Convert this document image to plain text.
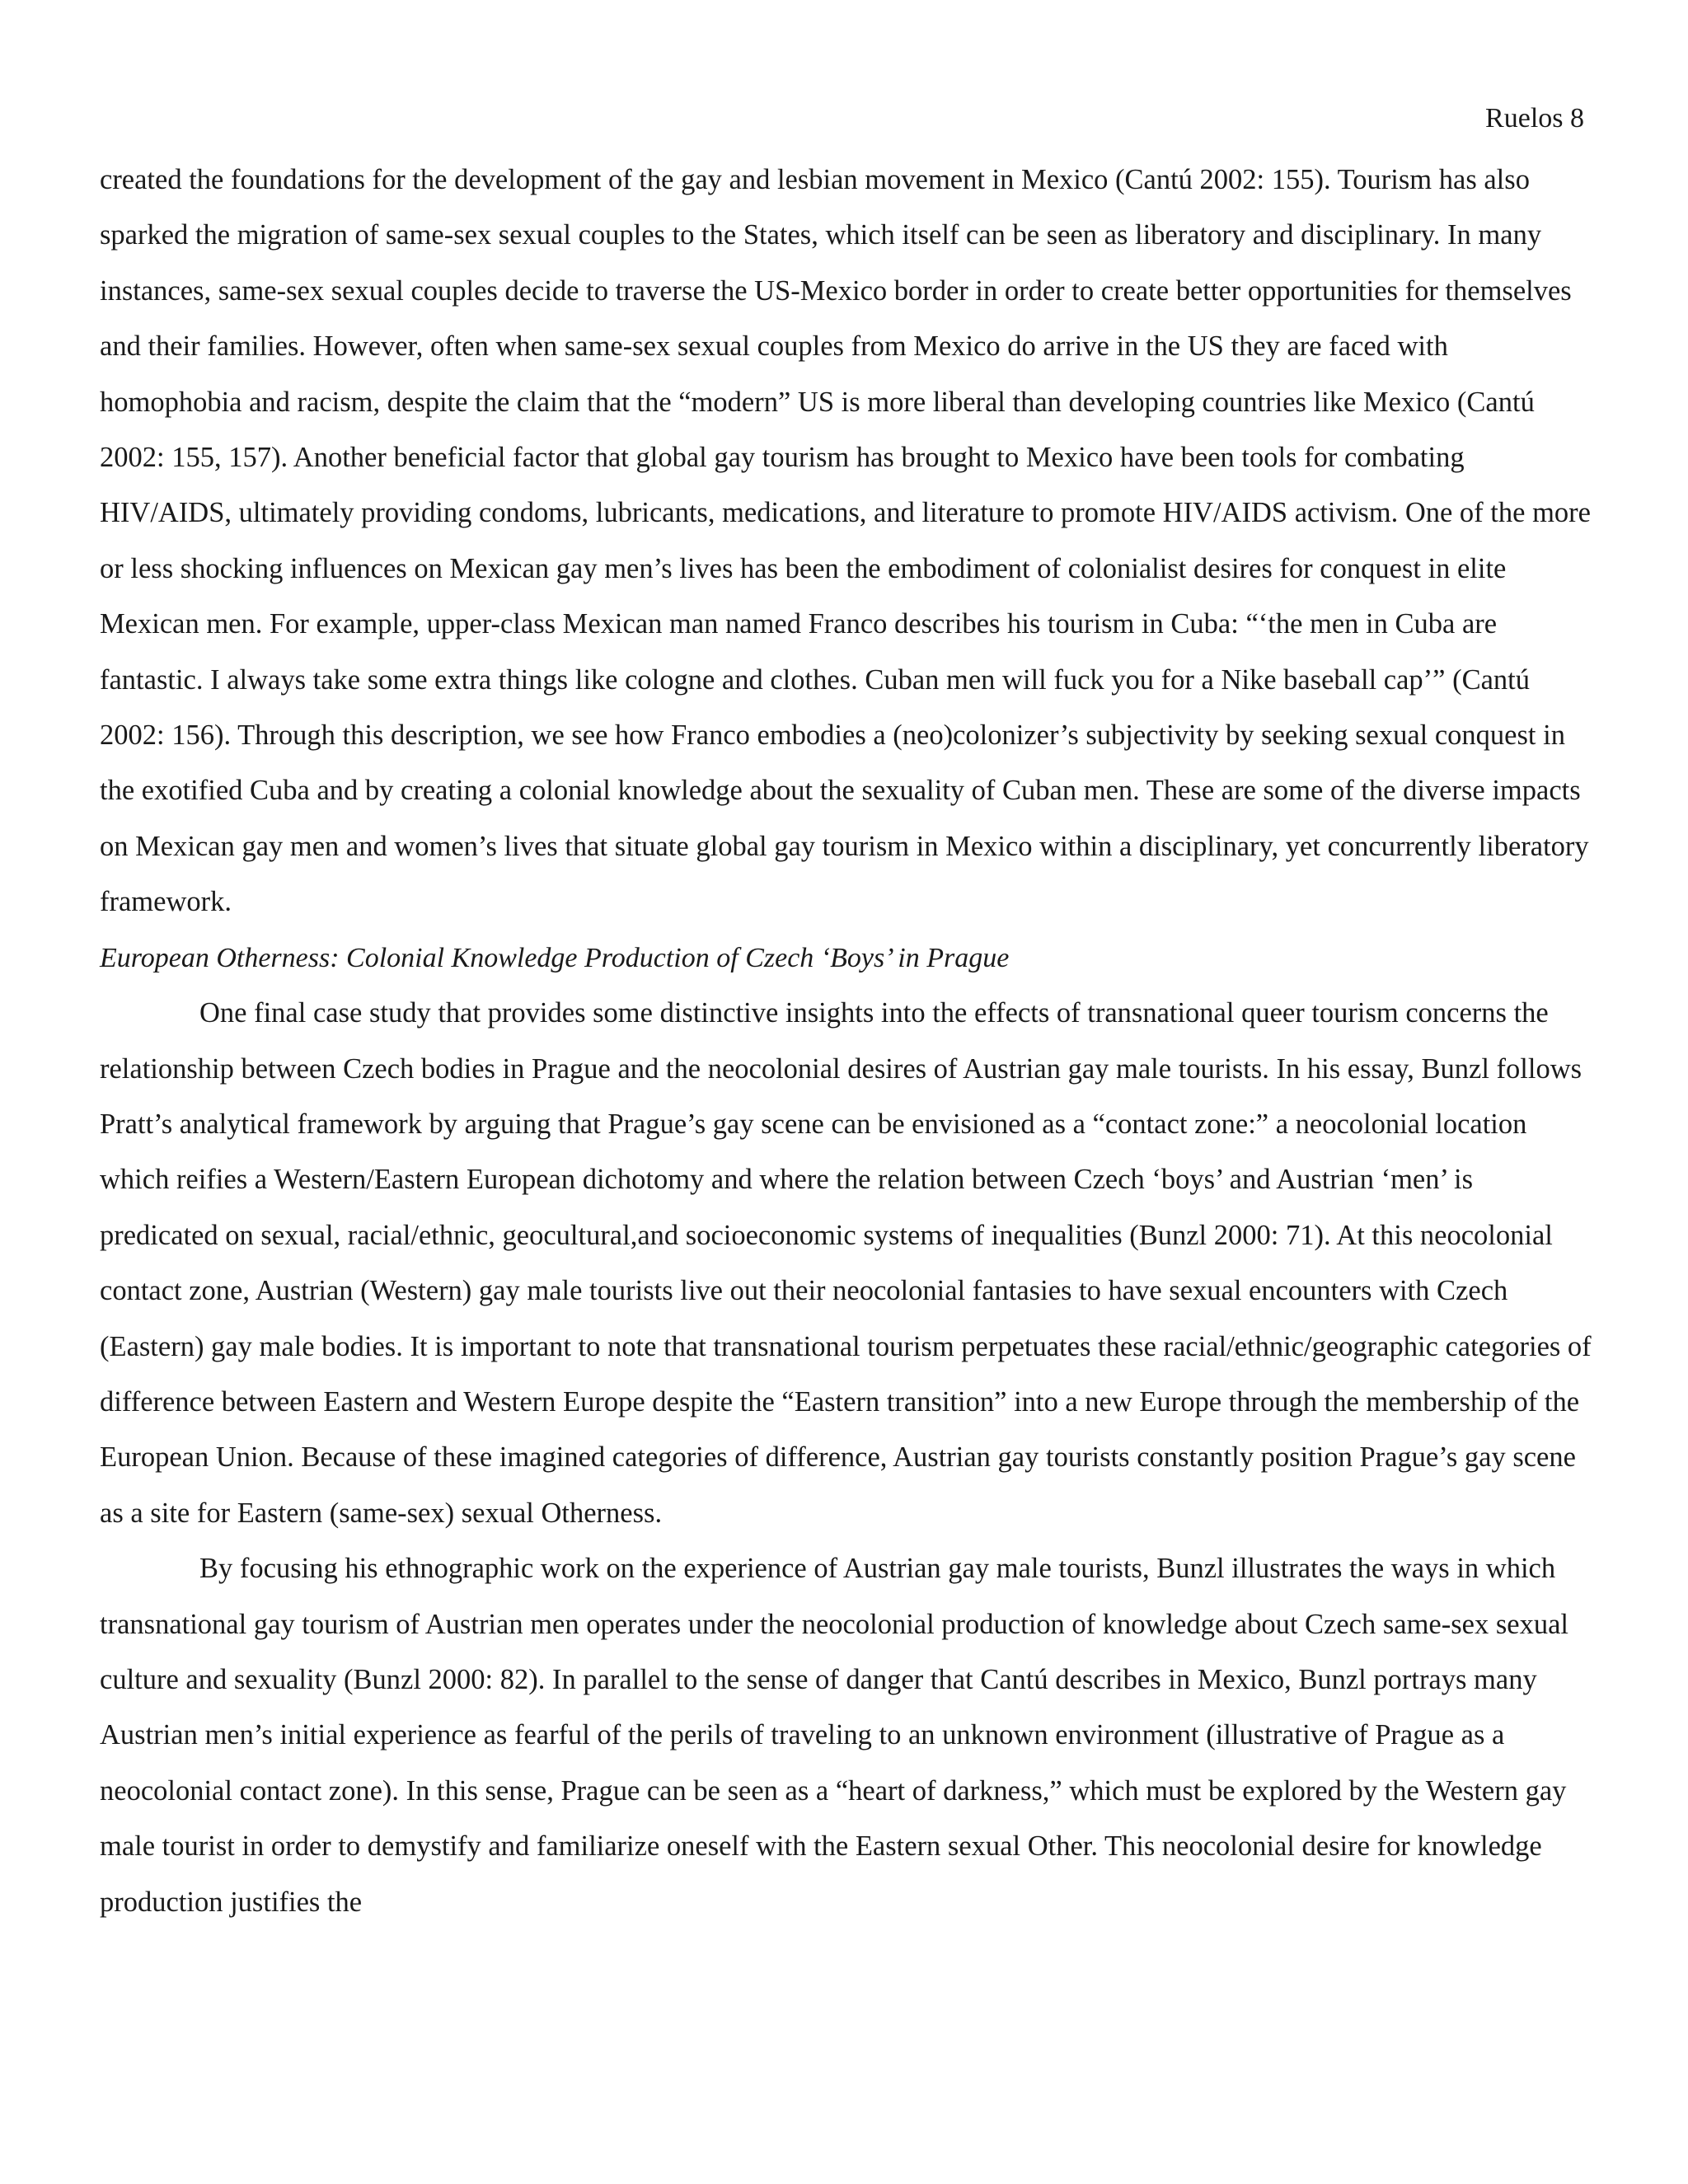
Ruelos 8

created the foundations for the development of the gay and lesbian movement in Mexico (Cantú 2002: 155). Tourism has also sparked the migration of same-sex sexual couples to the States, which itself can be seen as liberatory and disciplinary. In many instances, same-sex sexual couples decide to traverse the US-Mexico border in order to create better opportunities for themselves and their families. However, often when same-sex sexual couples from Mexico do arrive in the US they are faced with homophobia and racism, despite the claim that the “modern” US is more liberal than developing countries like Mexico (Cantú 2002: 155, 157). Another beneficial factor that global gay tourism has brought to Mexico have been tools for combating HIV/AIDS, ultimately providing condoms, lubricants, medications, and literature to promote HIV/AIDS activism. One of the more or less shocking influences on Mexican gay men’s lives has been the embodiment of colonialist desires for conquest in elite Mexican men. For example, upper-class Mexican man named Franco describes his tourism in Cuba: “‘the men in Cuba are fantastic. I always take some extra things like cologne and clothes. Cuban men will fuck you for a Nike baseball cap’” (Cantú 2002: 156). Through this description, we see how Franco embodies a (neo)colonizer’s subjectivity by seeking sexual conquest in the exotified Cuba and by creating a colonial knowledge about the sexuality of Cuban men. These are some of the diverse impacts on Mexican gay men and women’s lives that situate global gay tourism in Mexico within a disciplinary, yet concurrently liberatory framework.

European Otherness: Colonial Knowledge Production of Czech ‘Boys’ in Prague

One final case study that provides some distinctive insights into the effects of transnational queer tourism concerns the relationship between Czech bodies in Prague and the neocolonial desires of Austrian gay male tourists. In his essay, Bunzl follows Pratt’s analytical framework by arguing that Prague’s gay scene can be envisioned as a “contact zone:” a neocolonial location which reifies a Western/Eastern European dichotomy and where the relation between Czech ‘boys’ and Austrian ‘men’ is predicated on sexual, racial/ethnic, geocultural,and socioeconomic systems of inequalities (Bunzl 2000: 71). At this neocolonial contact zone, Austrian (Western) gay male tourists live out their neocolonial fantasies to have sexual encounters with Czech (Eastern) gay male bodies. It is important to note that transnational tourism perpetuates these racial/ethnic/geographic categories of difference between Eastern and Western Europe despite the “Eastern transition” into a new Europe through the membership of the European Union. Because of these imagined categories of difference, Austrian gay tourists constantly position Prague’s gay scene as a site for Eastern (same-sex) sexual Otherness.

By focusing his ethnographic work on the experience of Austrian gay male tourists, Bunzl illustrates the ways in which transnational gay tourism of Austrian men operates under the neocolonial production of knowledge about Czech same-sex sexual culture and sexuality (Bunzl 2000: 82). In parallel to the sense of danger that Cantú describes in Mexico, Bunzl portrays many Austrian men’s initial experience as fearful of the perils of traveling to an unknown environment (illustrative of Prague as a neocolonial contact zone). In this sense, Prague can be seen as a “heart of darkness,” which must be explored by the Western gay male tourist in order to demystify and familiarize oneself with the Eastern sexual Other. This neocolonial desire for knowledge production justifies the
